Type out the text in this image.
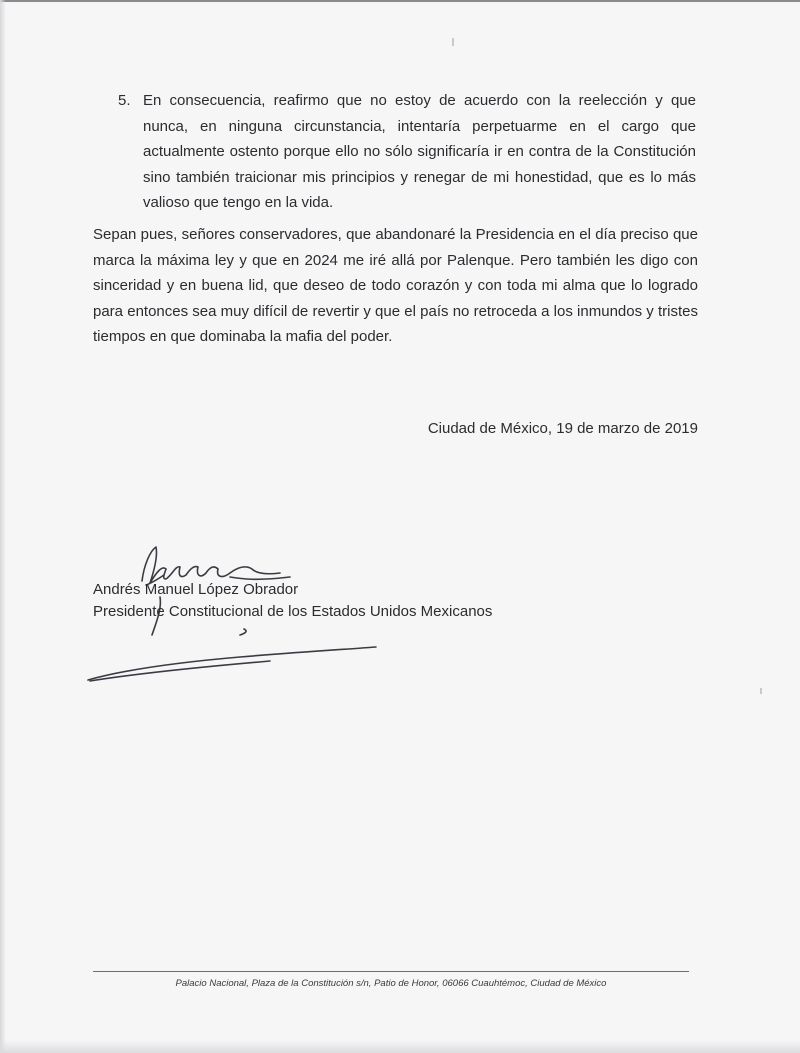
5. En consecuencia, reafirmo que no estoy de acuerdo con la reelección y que nunca, en ninguna circunstancia, intentaría perpetuarme en el cargo que actualmente ostento porque ello no sólo significaría ir en contra de la Constitución sino también traicionar mis principios y renegar de mi honestidad, que es lo más valioso que tengo en la vida.
Sepan pues, señores conservadores, que abandonaré la Presidencia en el día preciso que marca la máxima ley y que en 2024 me iré allá por Palenque. Pero también les digo con sinceridad y en buena lid, que deseo de todo corazón y con toda mi alma que lo logrado para entonces sea muy difícil de revertir y que el país no retroceda a los inmundos y tristes tiempos en que dominaba la mafia del poder.
Ciudad de México, 19 de marzo de 2019
Andrés Manuel López Obrador
Presidente Constitucional de los Estados Unidos Mexicanos
Palacio Nacional, Plaza de la Constitución s/n, Patio de Honor, 06066 Cuauhtémoc, Ciudad de México
